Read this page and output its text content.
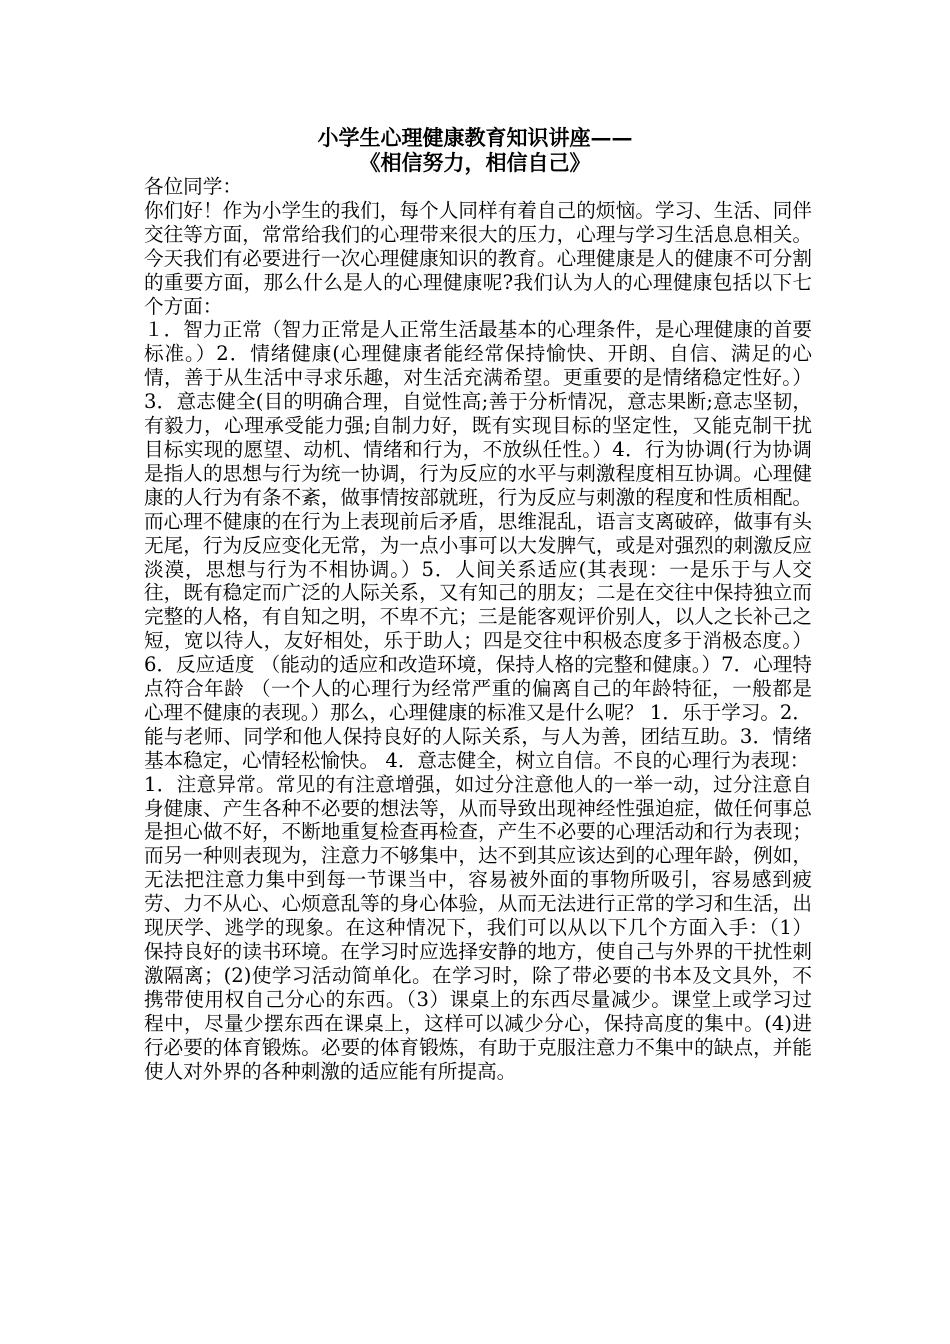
小学生心理健康教育知识讲座——

《相信努力，相信自己》

各位同学：

你们好！作为小学生的我们，每个人同样有着自己的烦恼。学习、生活、同伴交往等方面，常常给我们的心理带来很大的压力，心理与学习生活息息相关。今天我们有必要进行一次心理健康知识的教育。心理健康是人的健康不可分割的重要方面，那么什么是人的心理健康呢?我们认为人的心理健康包括以下七个方面：

１．智力正常（智力正常是人正常生活最基本的心理条件，是心理健康的首要标准。）2．情绪健康(心理健康者能经常保持愉快、开朗、自信、满足的心情，善于从生活中寻求乐趣，对生活充满希望。更重要的是情绪稳定性好。）3．意志健全(目的明确合理，自觉性高;善于分析情况，意志果断;意志坚韧，有毅力，心理承受能力强;自制力好，既有实现目标的坚定性，又能克制干扰目标实现的愿望、动机、情绪和行为，不放纵任性。）4．行为协调(行为协调是指人的思想与行为统一协调，行为反应的水平与刺激程度相互协调。心理健康的人行为有条不紊，做事情按部就班，行为反应与刺激的程度和性质相配。而心理不健康的在行为上表现前后矛盾，思维混乱，语言支离破碎，做事有头无尾，行为反应变化无常，为一点小事可以大发脾气，或是对强烈的刺激反应淡漠，思想与行为不相协调。）5．人间关系适应(其表现：一是乐于与人交往，既有稳定而广泛的人际关系，又有知己的朋友；二是在交往中保持独立而完整的人格，有自知之明，不卑不亢；三是能客观评价别人，以人之长补己之短，宽以待人，友好相处，乐于助人；四是交往中积极态度多于消极态度。）6．反应适度 （能动的适应和改造环境，保持人格的完整和健康。）7．心理特点符合年龄 （一个人的心理行为经常严重的偏离自己的年龄特征，一般都是心理不健康的表现。）那么，心理健康的标准又是什么呢？ 1．乐于学习。2．能与老师、同学和他人保持良好的人际关系，与人为善，团结互助。3．情绪基本稳定，心情轻松愉快。 4．意志健全，树立自信。不良的心理行为表现：

1．注意异常。常见的有注意增强，如过分注意他人的一举一动，过分注意自身健康、产生各种不必要的想法等，从而导致出现神经性强迫症，做任何事总是担心做不好，不断地重复检查再检查，产生不必要的心理活动和行为表现；而另一种则表现为，注意力不够集中，达不到其应该达到的心理年龄，例如，无法把注意力集中到每一节课当中，容易被外面的事物所吸引，容易感到疲劳、力不从心、心烦意乱等的身心体验，从而无法进行正常的学习和生活，出现厌学、逃学的现象。在这种情况下，我们可以从以下几个方面入手：（1）保持良好的读书环境。在学习时应选择安静的地方，使自己与外界的干扰性刺激隔离；(2)使学习活动简单化。在学习时，除了带必要的书本及文具外，不携带使用权自己分心的东西。（3）课桌上的东西尽量减少。课堂上或学习过程中，尽量少摆东西在课桌上，这样可以减少分心，保持高度的集中。(4)进行必要的体育锻炼。必要的体育锻炼，有助于克服注意力不集中的缺点，并能使人对外界的各种刺激的适应能有所提高。
